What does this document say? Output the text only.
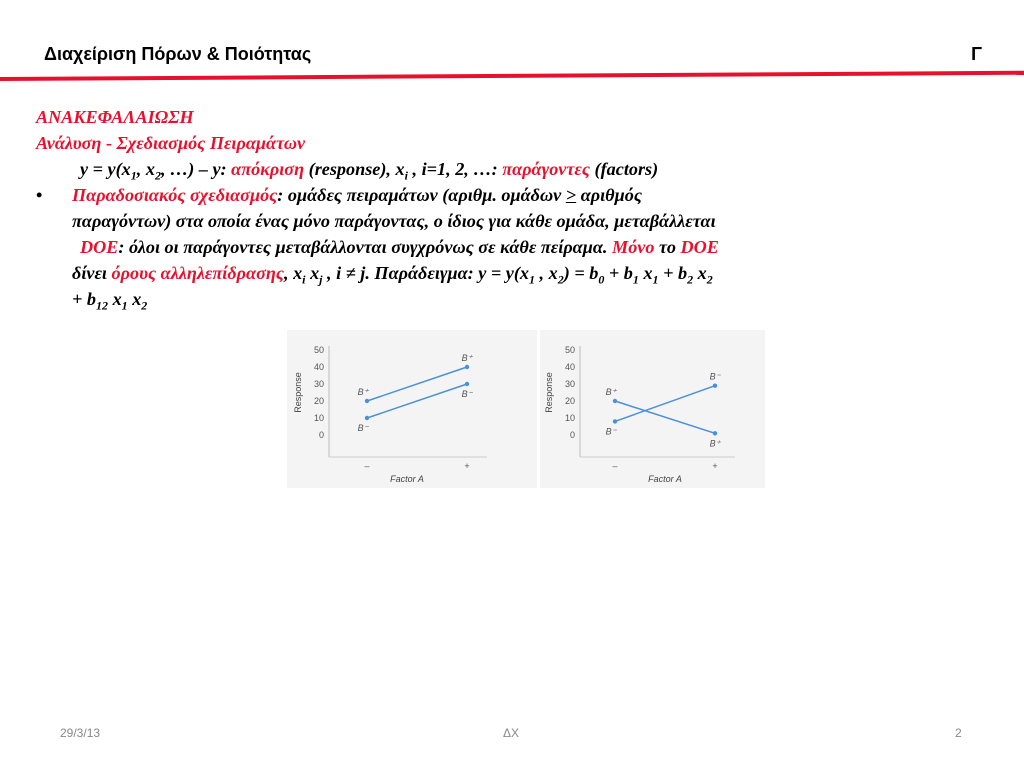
Διαχείριση Πόρων & Ποιότητας	Γ
ΑΝΑΚΕΦΑΛΑΙΩΣΗ
Ανάλυση - Σχεδιασμός Πειραμάτων
$y = y(x_1$, $x_2$, …) – y: απόκριση (response), $x_i$ , i=1, 2, …: παράγοντες (factors)
• Παραδοσιακός σχεδιασμός: ομάδες πειραμάτων (αριθμ. ομάδων > αριθμός
παραγόντων) στα οποία ένας μόνο παράγοντας, ο ίδιος για κάθε ομάδα, μεταβάλλεται
DOE: όλοι οι παράγοντες μεταβάλλονται συγχρόνως σε κάθε πείραμα. Μόνο το DOE
δίνει όρους αλληλεπίδρασης, $x_i$ $x_j$ , i ≠ j. Παράδειγμα: $y = y(x_1$ , $x_2) = b_0 + b_1$ $x_1 + b_2$ $x_2$
+ $b_{12}$ $x_1$ $x_2$
0
10
20
30
40
50
–	+
Response
Factor A
B⁺
B⁺
B⁻
B⁻
0
10
20
30
40
50
–	+
Response
Factor A
B⁺
B⁺
B⁻
B⁻
29/3/13	ΔΧ	2
